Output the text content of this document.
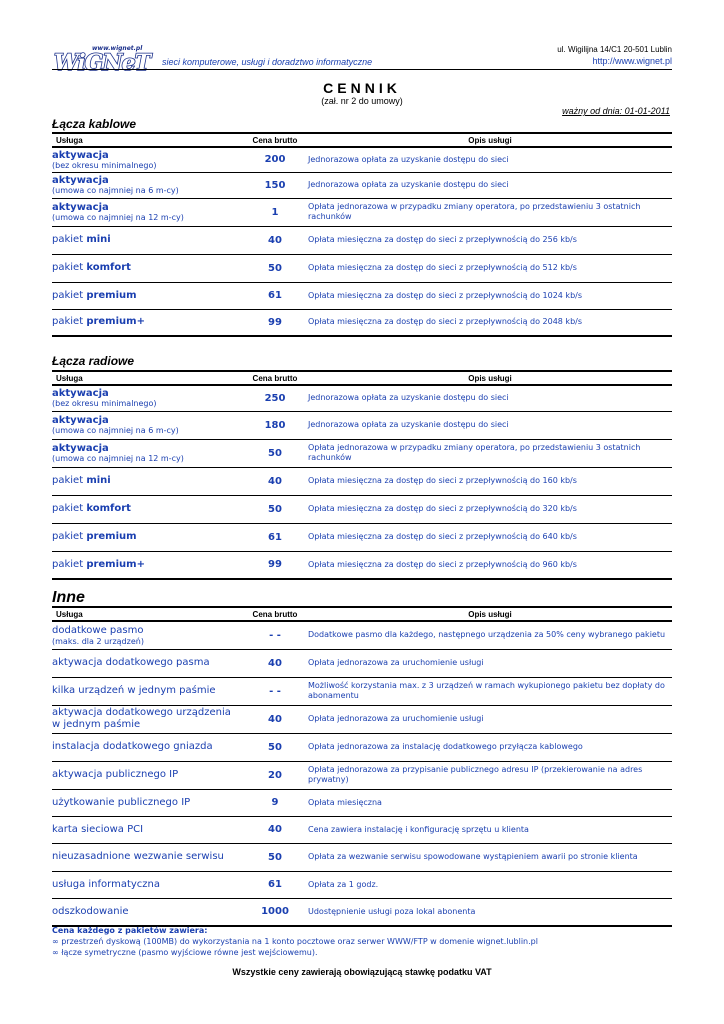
www.wignet.pl
WiGNeT sieci komputerowe, usługi i doradztwo informatyczne
ul. Wigilijna 14/C1 20-501 Lublin
http://www.wignet.pl
CENNIK
(zał. nr 2 do umowy)
ważny od dnia: 01-01-2011
Łącza kablowe
Usługa	Cena brutto	Opis usługi

aktywacja
(bez okresu minimalnego)	200	Jednorazowa opłata za uzyskanie dostępu do sieci

aktywacja
(umowa co najmniej na 6 m-cy)	150	Jednorazowa opłata za uzyskanie dostępu do sieci

aktywacja
(umowa co najmniej na 12 m-cy)	1	Opłata jednorazowa w przypadku zmiany operatora, po przedstawieniu 3 ostatnich rachunków
pakiet mini	40	Opłata miesięczna za dostęp do sieci z przepływnością do 256 kb/s
pakiet komfort	50	Opłata miesięczna za dostęp do sieci z przepływnością do 512 kb/s
pakiet premium	61	Opłata miesięczna za dostęp do sieci z przepływnością do 1024 kb/s
pakiet premium+	99	Opłata miesięczna za dostęp do sieci z przepływnością do 2048 kb/s
Łącza radiowe
Usługa	Cena brutto	Opis usługi

aktywacja
(bez okresu minimalnego)	250	Jednorazowa opłata za uzyskanie dostępu do sieci

aktywacja
(umowa co najmniej na 6 m-cy)	180	Jednorazowa opłata za uzyskanie dostępu do sieci

aktywacja
(umowa co najmniej na 12 m-cy)	50	Opłata jednorazowa w przypadku zmiany operatora, po przedstawieniu 3 ostatnich rachunków
pakiet mini	40	Opłata miesięczna za dostęp do sieci z przepływnością do 160 kb/s
pakiet komfort	50	Opłata miesięczna za dostęp do sieci z przepływnością do 320 kb/s
pakiet premium	61	Opłata miesięczna za dostęp do sieci z przepływnością do 640 kb/s
pakiet premium+	99	Opłata miesięczna za dostęp do sieci z przepływnością do 960 kb/s
Inne
Usługa	Cena brutto	Opis usługi
dodatkowe pasmo
(maks. dla 2 urządzeń)	- -	Dodatkowe pasmo dla każdego, następnego urządzenia za 50% ceny wybranego pakietu
aktywacja dodatkowego pasma	40	Opłata jednorazowa za uruchomienie usługi
kilka urządzeń w jednym paśmie	- -	Możliwość korzystania max. z 3 urządzeń w ramach wykupionego pakietu bez dopłaty do abonamentu
aktywacja dodatkowego urządzenia w jednym paśmie	40	Opłata jednorazowa za uruchomienie usługi
instalacja dodatkowego gniazda	50	Opłata jednorazowa za instalację dodatkowego przyłącza kablowego
aktywacja publicznego IP	20	Opłata jednorazowa za przypisanie publicznego adresu IP (przekierowanie na adres prywatny)
użytkowanie publicznego IP	9	Opłata miesięczna
karta sieciowa PCI	40	Cena zawiera instalację i konfigurację sprzętu u klienta
nieuzasadnione wezwanie serwisu	50	Opłata za wezwanie serwisu spowodowane wystąpieniem awarii po stronie klienta
usługa informatyczna	61	Opłata za 1 godz.
odszkodowanie	1000	Udostępnienie usługi poza lokal abonenta
Cena każdego z pakietów zawiera:
∞ przestrzeń dyskową (100MB) do wykorzystania na 1 konto pocztowe oraz serwer WWW/FTP w domenie wignet.lublin.pl
∞ łącze symetryczne (pasmo wyjściowe równe jest wejściowemu).
Wszystkie ceny zawierają obowiązującą stawkę podatku VAT
